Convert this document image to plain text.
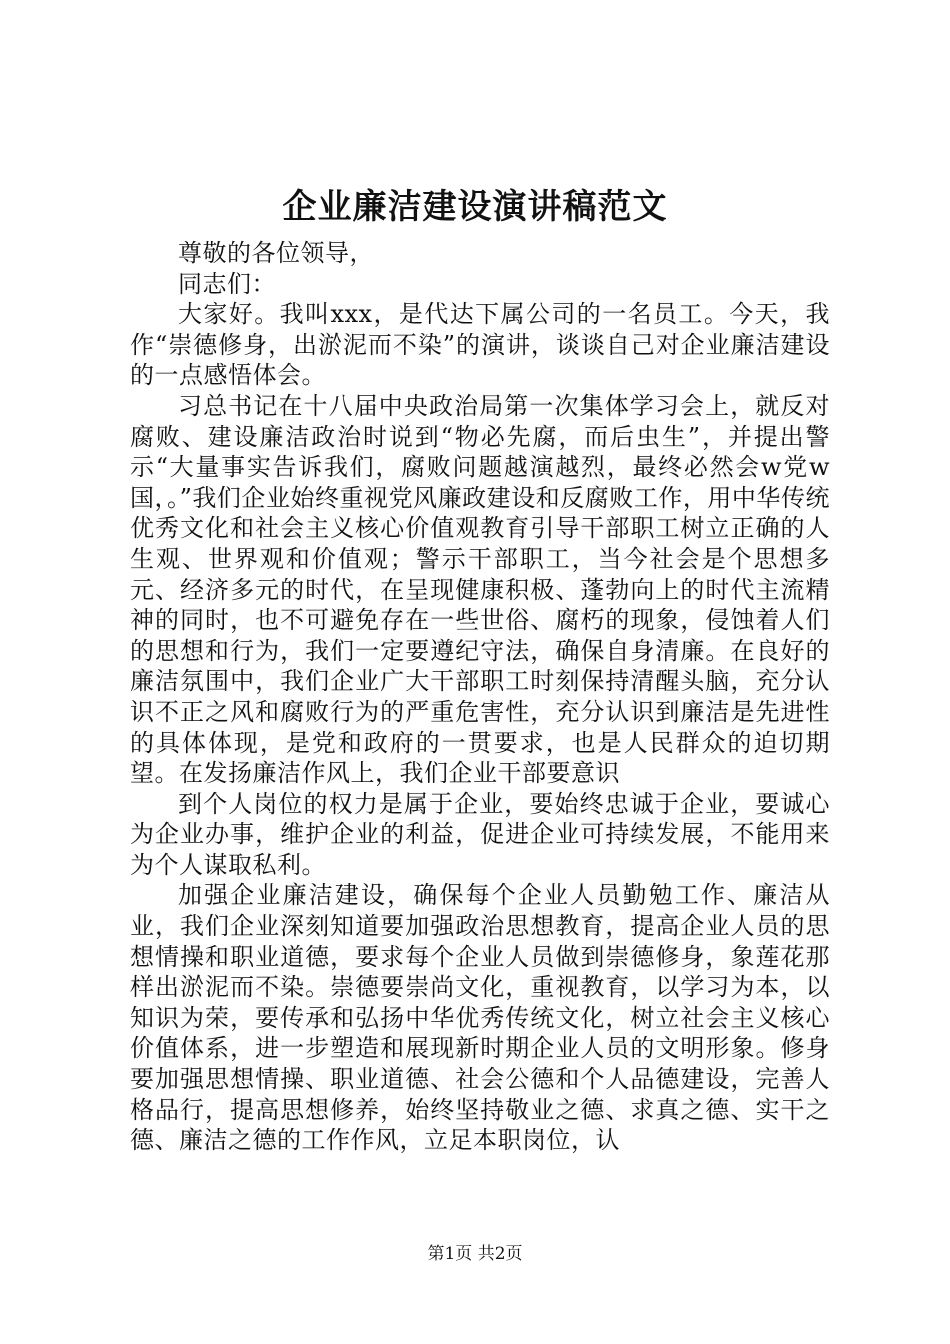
企业廉洁建设演讲稿范文

尊敬的各位领导，

同志们：

大家好。我叫xxx，是代达下属公司的一名员工。今天，我作“崇德修身，出淤泥而不染”的演讲，谈谈自己对企业廉洁建设的一点感悟体会。

习总书记在十八届中央政治局第一次集体学习会上，就反对腐败、建设廉洁政治时说到“物必先腐，而后虫生”，并提出警示“大量事实告诉我们，腐败问题越演越烈，最终必然会w党w国，。”我们企业始终重视党风廉政建设和反腐败工作，用中华传统优秀文化和社会主义核心价值观教育引导干部职工树立正确的人生观、世界观和价值观；警示干部职工，当今社会是个思想多元、经济多元的时代，在呈现健康积极、蓬勃向上的时代主流精神的同时，也不可避免存在一些世俗、腐朽的现象，侵蚀着人们的思想和行为，我们一定要遵纪守法，确保自身清廉。在良好的廉洁氛围中，我们企业广大干部职工时刻保持清醒头脑，充分认识不正之风和腐败行为的严重危害性，充分认识到廉洁是先进性的具体体现，是党和政府的一贯要求，也是人民群众的迫切期望。在发扬廉洁作风上，我们企业干部要意识

到个人岗位的权力是属于企业，要始终忠诚于企业，要诚心为企业办事，维护企业的利益，促进企业可持续发展，不能用来为个人谋取私利。

加强企业廉洁建设，确保每个企业人员勤勉工作、廉洁从业，我们企业深刻知道要加强政治思想教育，提高企业人员的思想情操和职业道德，要求每个企业人员做到崇德修身，象莲花那样出淤泥而不染。崇德要崇尚文化，重视教育，以学习为本，以知识为荣，要传承和弘扬中华优秀传统文化，树立社会主义核心价值体系，进一步塑造和展现新时期企业人员的文明形象。修身要加强思想情操、职业道德、社会公德和个人品德建设，完善人格品行，提高思想修养，始终坚持敬业之德、求真之德、实干之德、廉洁之德的工作作风，立足本职岗位，认

第1页 共2页
